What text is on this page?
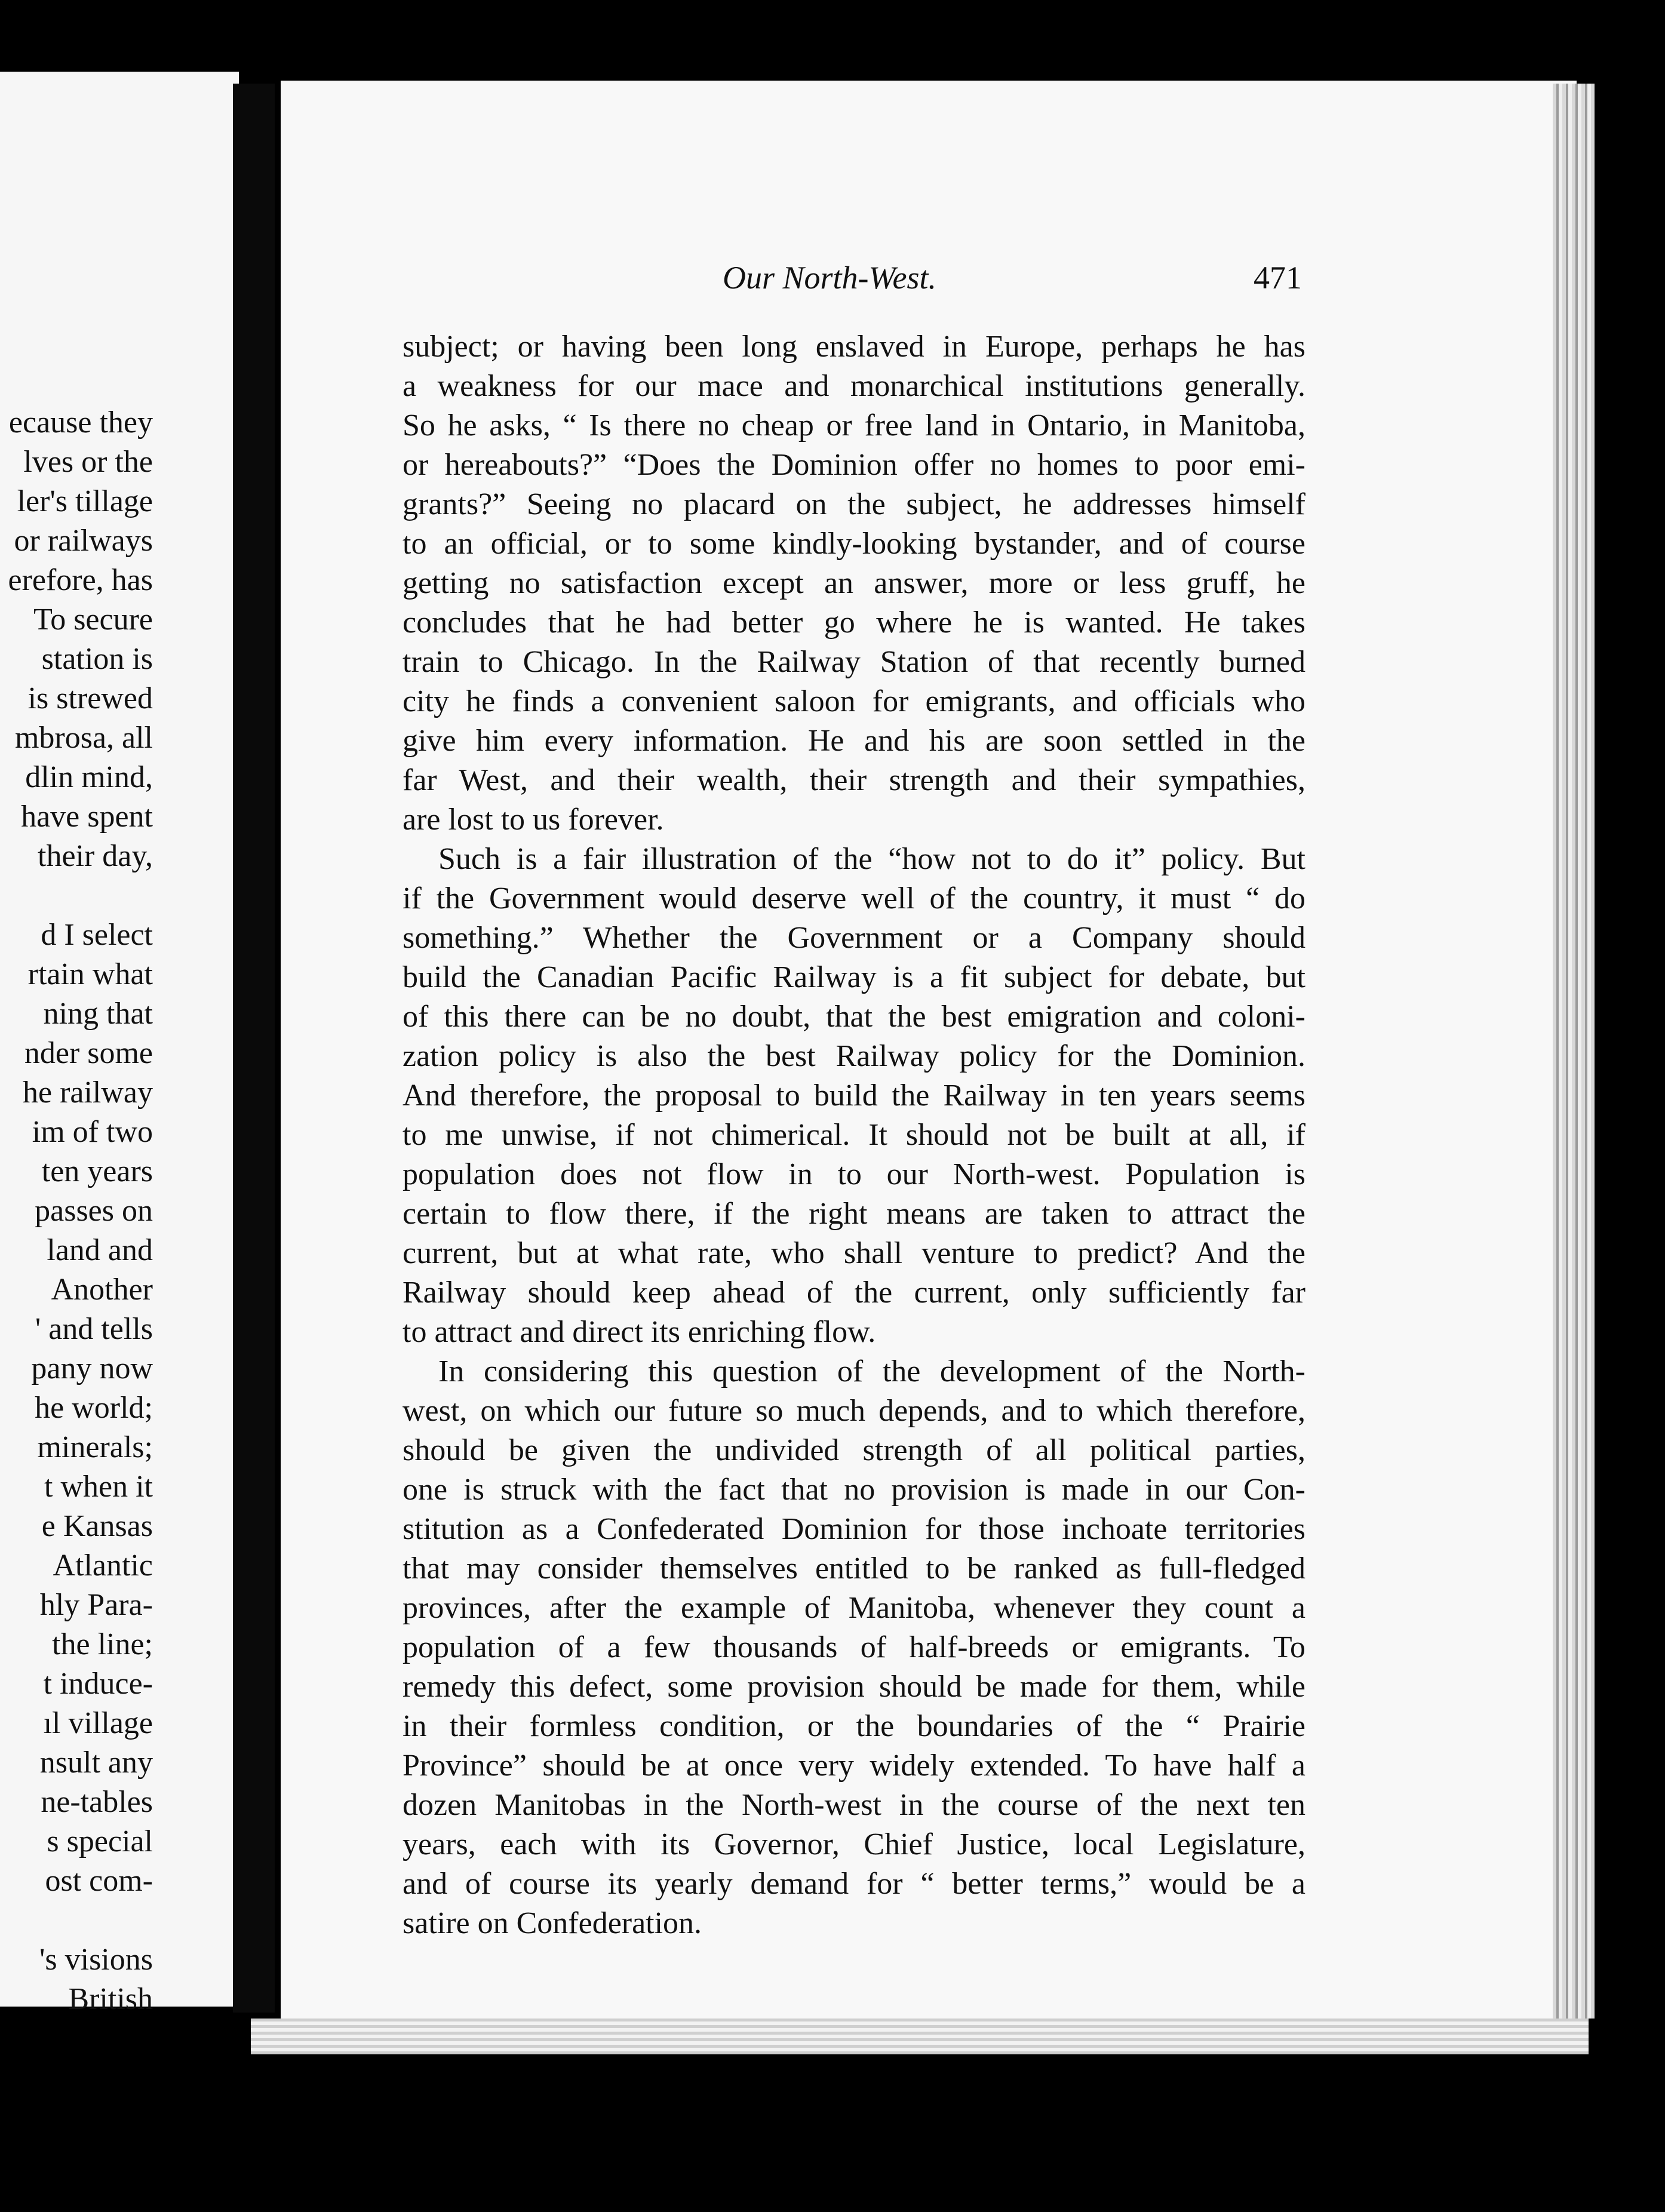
ecause they
lves or the
ler's tillage
or railways
erefore, has
To secure
station is
is strewed
mbrosa, all
dlin mind,
have spent
their day,
d I select
rtain what
ning that
nder some
he railway
im of two
ten years
passes on
land and
Another
' and tells
pany now
he world;
minerals;
t when it
e Kansas
Atlantic
hly Para-
the line;
t induce-
ıl village
nsult any
ne-tables
s special
ost com-
's visions
British
Our North-West.	471
subject; or having been long enslaved in Europe, perhaps he has
a weakness for our mace and monarchical institutions generally.
So he asks, “ Is there no cheap or free land in Ontario, in Manitoba,
or hereabouts?” “Does the Dominion offer no homes to poor emi-
grants?” Seeing no placard on the subject, he addresses himself
to an official, or to some kindly-looking bystander, and of course
getting no satisfaction except an answer, more or less gruff, he
concludes that he had better go where he is wanted. He takes
train to Chicago. In the Railway Station of that recently burned
city he finds a convenient saloon for emigrants, and officials who
give him every information. He and his are soon settled in the
far West, and their wealth, their strength and their sympathies,
are lost to us forever.
Such is a fair illustration of the “how not to do it” policy. But
if the Government would deserve well of the country, it must “ do
something.” Whether the Government or a Company should
build the Canadian Pacific Railway is a fit subject for debate, but
of this there can be no doubt, that the best emigration and coloni-
zation policy is also the best Railway policy for the Dominion.
And therefore, the proposal to build the Railway in ten years seems
to me unwise, if not chimerical. It should not be built at all, if
population does not flow in to our North-west. Population is
certain to flow there, if the right means are taken to attract the
current, but at what rate, who shall venture to predict? And the
Railway should keep ahead of the current, only sufficiently far
to attract and direct its enriching flow.
In considering this question of the development of the North-
west, on which our future so much depends, and to which therefore,
should be given the undivided strength of all political parties,
one is struck with the fact that no provision is made in our Con-
stitution as a Confederated Dominion for those inchoate territories
that may consider themselves entitled to be ranked as full-fledged
provinces, after the example of Manitoba, whenever they count a
population of a few thousands of half-breeds or emigrants. To
remedy this defect, some provision should be made for them, while
in their formless condition, or the boundaries of the “ Prairie
Province” should be at once very widely extended. To have half a
dozen Manitobas in the North-west in the course of the next ten
years, each with its Governor, Chief Justice, local Legislature,
and of course its yearly demand for “ better terms,” would be a
satire on Confederation.
